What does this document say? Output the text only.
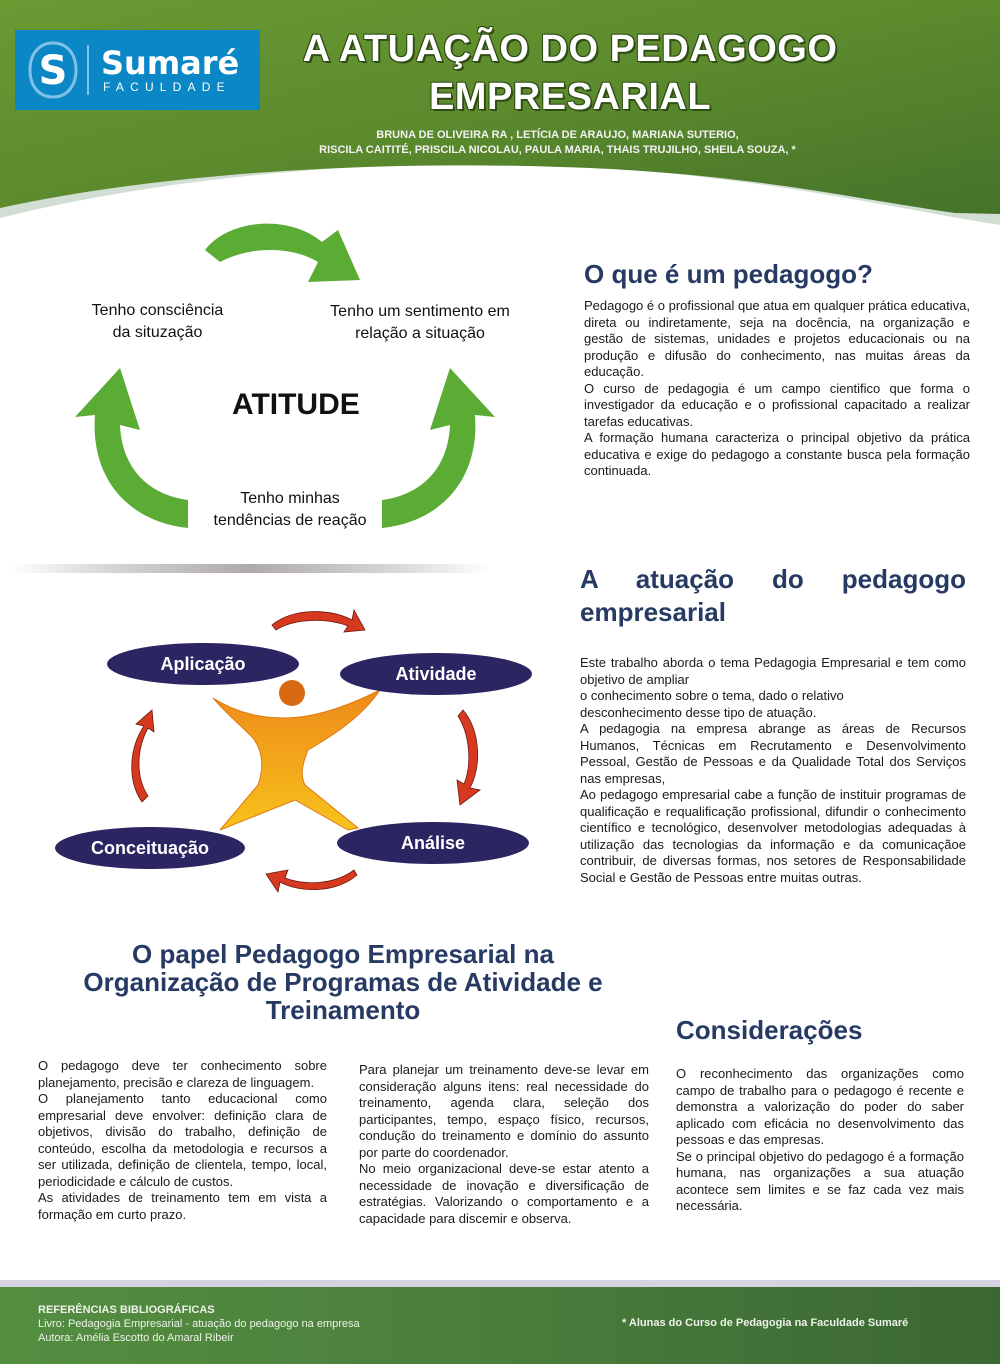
S Sumaré
FACULDADE
A ATUAÇÃO DO PEDAGOGO
EMPRESARIAL
BRUNA DE OLIVEIRA RA , LETÍCIA DE ARAUJO, MARIANA SUTERIO,
RISCILA CAITITÉ, PRISCILA NICOLAU, PAULA MARIA, THAIS TRUJILHO, SHEILA SOUZA, *
Tenho consciência
da situzação
Tenho um sentimento em
relação a situação
ATITUDE
Tenho minhas
tendências de reação
O que é um pedagogo?

Pedagogo é o profissional que atua em qualquer prática educativa, direta ou indiretamente, seja na docência, na organização e gestão de sistemas, unidades e projetos educacionais ou na produção e difusão do conhecimento, nas muitas áreas da educação.

O curso de pedagogia é um campo cientifico que forma o investigador da educação e o profissional capacitado a realizar tarefas educativas.

A formação humana caracteriza o principal objetivo da prática educativa e exige do pedagogo a constante busca pela formação continuada.

Aplicação	Atividade
Análise
Conceituação
A atuação do pedagogo
empresarial

Este trabalho aborda o tema Pedagogia Empresarial e tem como objetivo de ampliar

o conhecimento sobre o tema, dado o relativo

desconhecimento desse tipo de atuação.

A pedagogia na empresa abrange as áreas de Recursos Humanos, Técnicas em Recrutamento e Desenvolvimento Pessoal, Gestão de Pessoas e da Qualidade Total dos Serviços nas empresas,

Ao pedagogo empresarial cabe a função de instituir programas de qualificação e requalificação profissional, difundir o conhecimento científico e tecnológico, desenvolver metodologias adequadas à utilização das tecnologias da informação e da comunicaçãoe contribuir, de diversas formas, nos setores de Responsabilidade Social e Gestão de Pessoas entre muitas outras.

O papel Pedagogo Empresarial na
Organização de Programas de Atividade e
Treinamento

O pedagogo deve ter conhecimento sobre planejamento, precisão e clareza de linguagem.

O planejamento tanto educacional como empresarial deve envolver: definição clara de objetivos, divisão do trabalho, definição de conteúdo, escolha da metodologia e recursos a ser utilizada, definição de clientela, tempo, local, periodicidade e cálculo de custos.

As atividades de treinamento tem em vista a formação em curto prazo.

Para planejar um treinamento deve-se levar em consideração alguns itens: real necessidade do treinamento, agenda clara, seleção dos participantes, tempo, espaço físico, recursos, condução do treinamento e domínio do assunto por parte do coordenador.

No meio organizacional deve-se estar atento a necessidade de inovação e diversificação de estratégias. Valorizando o comportamento e a capacidade para discemir e observa.

Considerações

O reconhecimento das organizações como campo de trabalho para o pedagogo é recente e demonstra a valorização do poder do saber aplicado com eficácia no desenvolvimento das pessoas e das empresas.

Se o principal objetivo do pedagogo é a formação humana, nas organizações a sua atuação acontece sem limites e se faz cada vez mais necessária.

REFERÊNCIAS BIBLIOGRÁFICAS
Livro: Pedagogia Empresarial - atuação do pedagogo na empresa
Autora: Amélia Escotto do Amaral Ribeir
* Alunas do Curso de Pedagogia na Faculdade Sumaré
